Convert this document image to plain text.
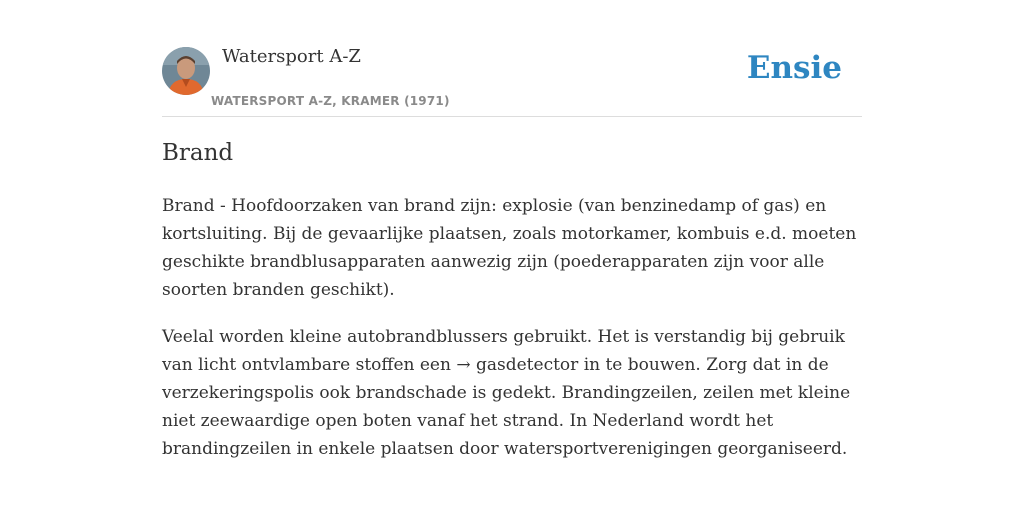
Watersport A-Z
WATERSPORT A-Z, KRAMER (1971)
Ensie
Brand

Brand - Hoofdoorzaken van brand zijn: explosie (van benzinedamp of gas) en kortsluiting. Bij de gevaarlijke plaatsen, zoals motorkamer, kombuis e.d. moeten geschikte brandblusapparaten aanwezig zijn (poederapparaten zijn voor alle soorten branden geschikt).

Veelal worden kleine autobrandblussers gebruikt. Het is verstandig bij gebruik van licht ontvlambare stoffen een → gasdetector in te bouwen. Zorg dat in de verzekeringspolis ook brandschade is gedekt. Brandingzeilen, zeilen met kleine niet zeewaardige open boten vanaf het strand. In Nederland wordt het brandingzeilen in enkele plaatsen door watersportverenigingen georganiseerd.
